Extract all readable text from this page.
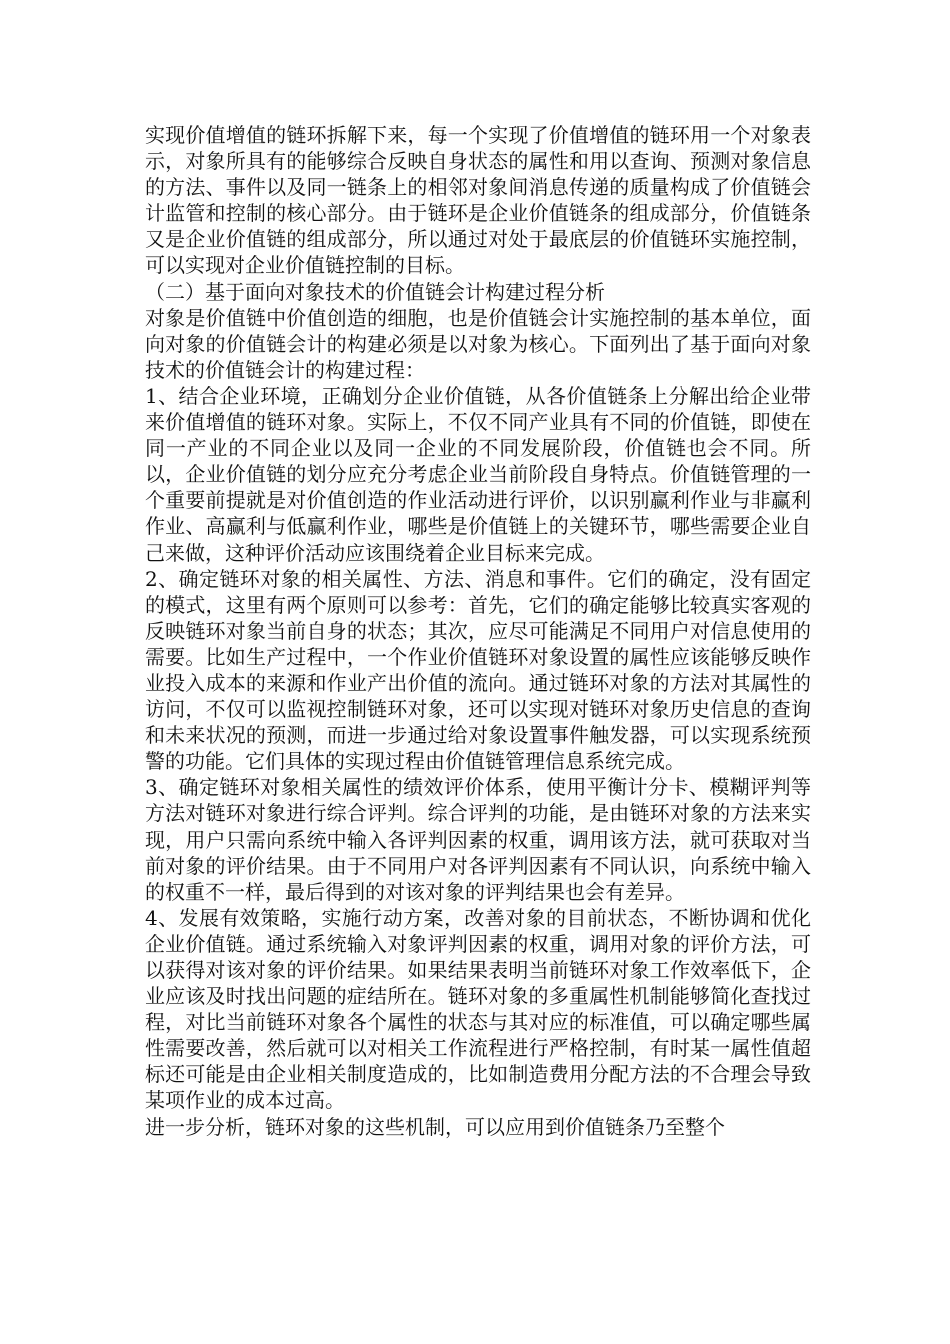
实现价值增值的链环拆解下来，每一个实现了价值增值的链环用一个对象表示，对象所具有的能够综合反映自身状态的属性和用以查询、预测对象信息的方法、事件以及同一链条上的相邻对象间消息传递的质量构成了价值链会计监管和控制的核心部分。由于链环是企业价值链条的组成部分，价值链条又是企业价值链的组成部分，所以通过对处于最底层的价值链环实施控制，可以实现对企业价值链控制的目标。

（二）基于面向对象技术的价值链会计构建过程分析

对象是价值链中价值创造的细胞，也是价值链会计实施控制的基本单位，面向对象的价值链会计的构建必须是以对象为核心。下面列出了基于面向对象技术的价值链会计的构建过程：

1、结合企业环境，正确划分企业价值链，从各价值链条上分解出给企业带来价值增值的链环对象。实际上，不仅不同产业具有不同的价值链，即使在同一产业的不同企业以及同一企业的不同发展阶段，价值链也会不同。所以，企业价值链的划分应充分考虑企业当前阶段自身特点。价值链管理的一个重要前提就是对价值创造的作业活动进行评价，以识别赢利作业与非赢利作业、高赢利与低赢利作业，哪些是价值链上的关键环节，哪些需要企业自己来做，这种评价活动应该围绕着企业目标来完成。

2、确定链环对象的相关属性、方法、消息和事件。它们的确定，没有固定的模式，这里有两个原则可以参考：首先，它们的确定能够比较真实客观的反映链环对象当前自身的状态；其次，应尽可能满足不同用户对信息使用的需要。比如生产过程中，一个作业价值链环对象设置的属性应该能够反映作业投入成本的来源和作业产出价值的流向。通过链环对象的方法对其属性的访问，不仅可以监视控制链环对象，还可以实现对链环对象历史信息的查询和未来状况的预测，而进一步通过给对象设置事件触发器，可以实现系统预警的功能。它们具体的实现过程由价值链管理信息系统完成。

3、确定链环对象相关属性的绩效评价体系，使用平衡计分卡、模糊评判等方法对链环对象进行综合评判。综合评判的功能，是由链环对象的方法来实现，用户只需向系统中输入各评判因素的权重，调用该方法，就可获取对当前对象的评价结果。由于不同用户对各评判因素有不同认识，向系统中输入的权重不一样，最后得到的对该对象的评判结果也会有差异。

4、发展有效策略，实施行动方案，改善对象的目前状态，不断协调和优化企业价值链。通过系统输入对象评判因素的权重，调用对象的评价方法，可以获得对该对象的评价结果。如果结果表明当前链环对象工作效率低下，企业应该及时找出问题的症结所在。链环对象的多重属性机制能够简化查找过程，对比当前链环对象各个属性的状态与其对应的标准值，可以确定哪些属性需要改善，然后就可以对相关工作流程进行严格控制，有时某一属性值超标还可能是由企业相关制度造成的，比如制造费用分配方法的不合理会导致某项作业的成本过高。

进一步分析，链环对象的这些机制，可以应用到价值链条乃至整个
